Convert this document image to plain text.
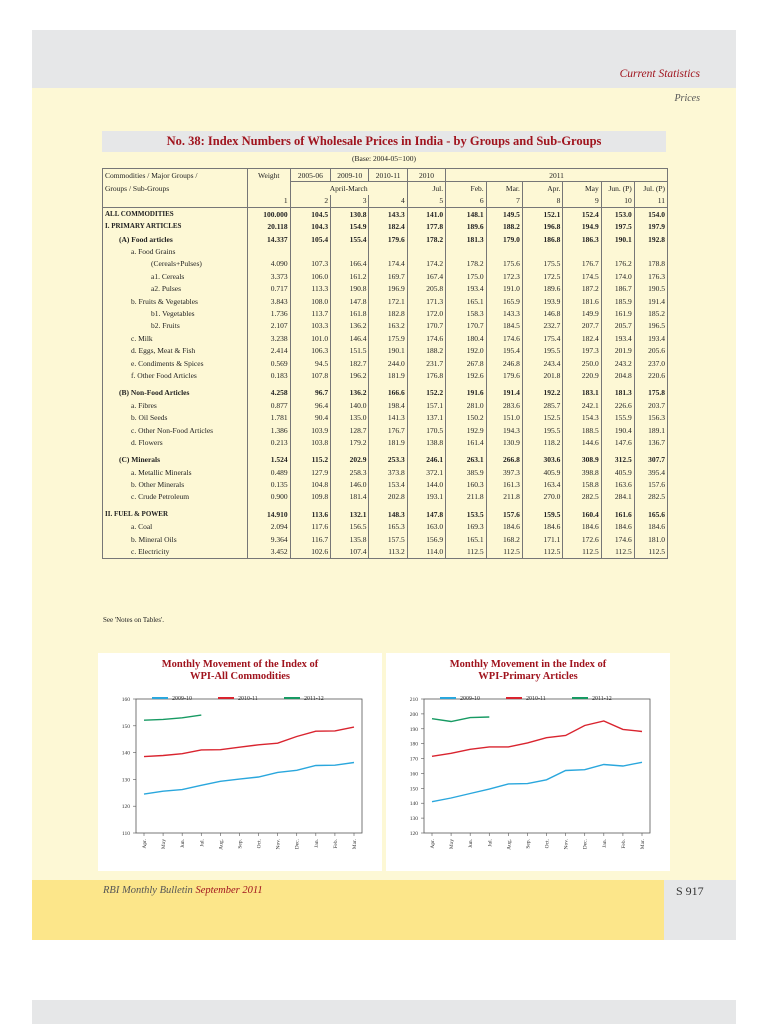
Current Statistics
Prices
No. 38: Index Numbers of Wholesale Prices in India - by Groups and Sub-Groups
(Base: 2004-05=100)
Commodities / Major Groups /	Weight	2005-06	2009-10	2010-11	2010	2011					
Groups / Sub-Groups		April-March			Jul.	Feb.	Mar.	Apr.	May	Jun. (P)	Jul. (P)
	1	2	3	4	5	6	7	8	9	10	11
ALL COMMODITIES	100.000	104.5	130.8	143.3	141.0	148.1	149.5	152.1	152.4	153.0	154.0
I. PRIMARY ARTICLES	20.118	104.3	154.9	182.4	177.8	189.6	188.2	196.8	194.9	197.5	197.9
(A) Food articles	14.337	105.4	155.4	179.6	178.2	181.3	179.0	186.8	186.3	190.1	192.8
a. Food Grains											
(Cereals+Pulses)	4.090	107.3	166.4	174.4	174.2	178.2	175.6	175.5	176.7	176.2	178.8
a1. Cereals	3.373	106.0	161.2	169.7	167.4	175.0	172.3	172.5	174.5	174.0	176.3
a2. Pulses	0.717	113.3	190.8	196.9	205.8	193.4	191.0	189.6	187.2	186.7	190.5
b. Fruits & Vegetables	3.843	108.0	147.8	172.1	171.3	165.1	165.9	193.9	181.6	185.9	191.4
b1. Vegetables	1.736	113.7	161.8	182.8	172.0	158.3	143.3	146.8	149.9	161.9	185.2
b2. Fruits	2.107	103.3	136.2	163.2	170.7	170.7	184.5	232.7	207.7	205.7	196.5
c. Milk	3.238	101.0	146.4	175.9	174.6	180.4	174.6	175.4	182.4	193.4	193.4
d. Eggs, Meat & Fish	2.414	106.3	151.5	190.1	188.2	192.0	195.4	195.5	197.3	201.9	205.6
e. Condiments & Spices	0.569	94.5	182.7	244.0	231.7	267.8	246.8	243.4	250.0	243.2	237.0
f. Other Food Articles	0.183	107.8	196.2	181.9	176.8	192.6	179.6	201.8	220.9	204.8	220.6
(B) Non-Food Articles	4.258	96.7	136.2	166.6	152.2	191.6	191.4	192.2	183.1	181.3	175.8
a. Fibres	0.877	96.4	140.0	198.4	157.1	281.0	283.6	285.7	242.1	226.6	203.7
b. Oil Seeds	1.781	90.4	135.0	141.3	137.1	150.2	151.0	152.5	154.3	155.9	156.3
c. Other Non-Food Articles	1.386	103.9	128.7	176.7	170.5	192.9	194.3	195.5	188.5	190.4	189.1
d. Flowers	0.213	103.8	179.2	181.9	138.8	161.4	130.9	118.2	144.6	147.6	136.7
(C) Minerals	1.524	115.2	202.9	253.3	246.1	263.1	266.8	303.6	308.9	312.5	307.7
a. Metallic Minerals	0.489	127.9	258.3	373.8	372.1	385.9	397.3	405.9	398.8	405.9	395.4
b. Other Minerals	0.135	104.8	146.0	153.4	144.0	160.3	161.3	163.4	158.8	163.6	157.6
c. Crude Petroleum	0.900	109.8	181.4	202.8	193.1	211.8	211.8	270.0	282.5	284.1	282.5
II. FUEL & POWER	14.910	113.6	132.1	148.3	147.8	153.5	157.6	159.5	160.4	161.6	165.6
a. Coal	2.094	117.6	156.5	165.3	163.0	169.3	184.6	184.6	184.6	184.6	184.6
b. Mineral Oils	9.364	116.7	135.8	157.5	156.9	165.1	168.2	171.1	172.6	174.6	181.0
c. Electricity	3.452	102.6	107.4	113.2	114.0	112.5	112.5	112.5	112.5	112.5	112.5
See 'Notes on Tables'.
Monthly Movement of the Index of
WPI-All Commodities
110
120
130
140
150
160
Apr. May Jun. Jul. Aug. Sep. Oct. Nov. Dec. Jan. Feb. Mar.
2009-10	2010-11	2011-12
Monthly Movement in the Index of
WPI-Primary Articles
120
130
140
150
160
170
180
190
200
210
Apr. May Jun. Jul. Aug. Sep. Oct. Nov. Dec. Jan. Feb. Mar.
2009-10	2010-11	2011-12
RBI Monthly Bulletin September 2011	S 917
